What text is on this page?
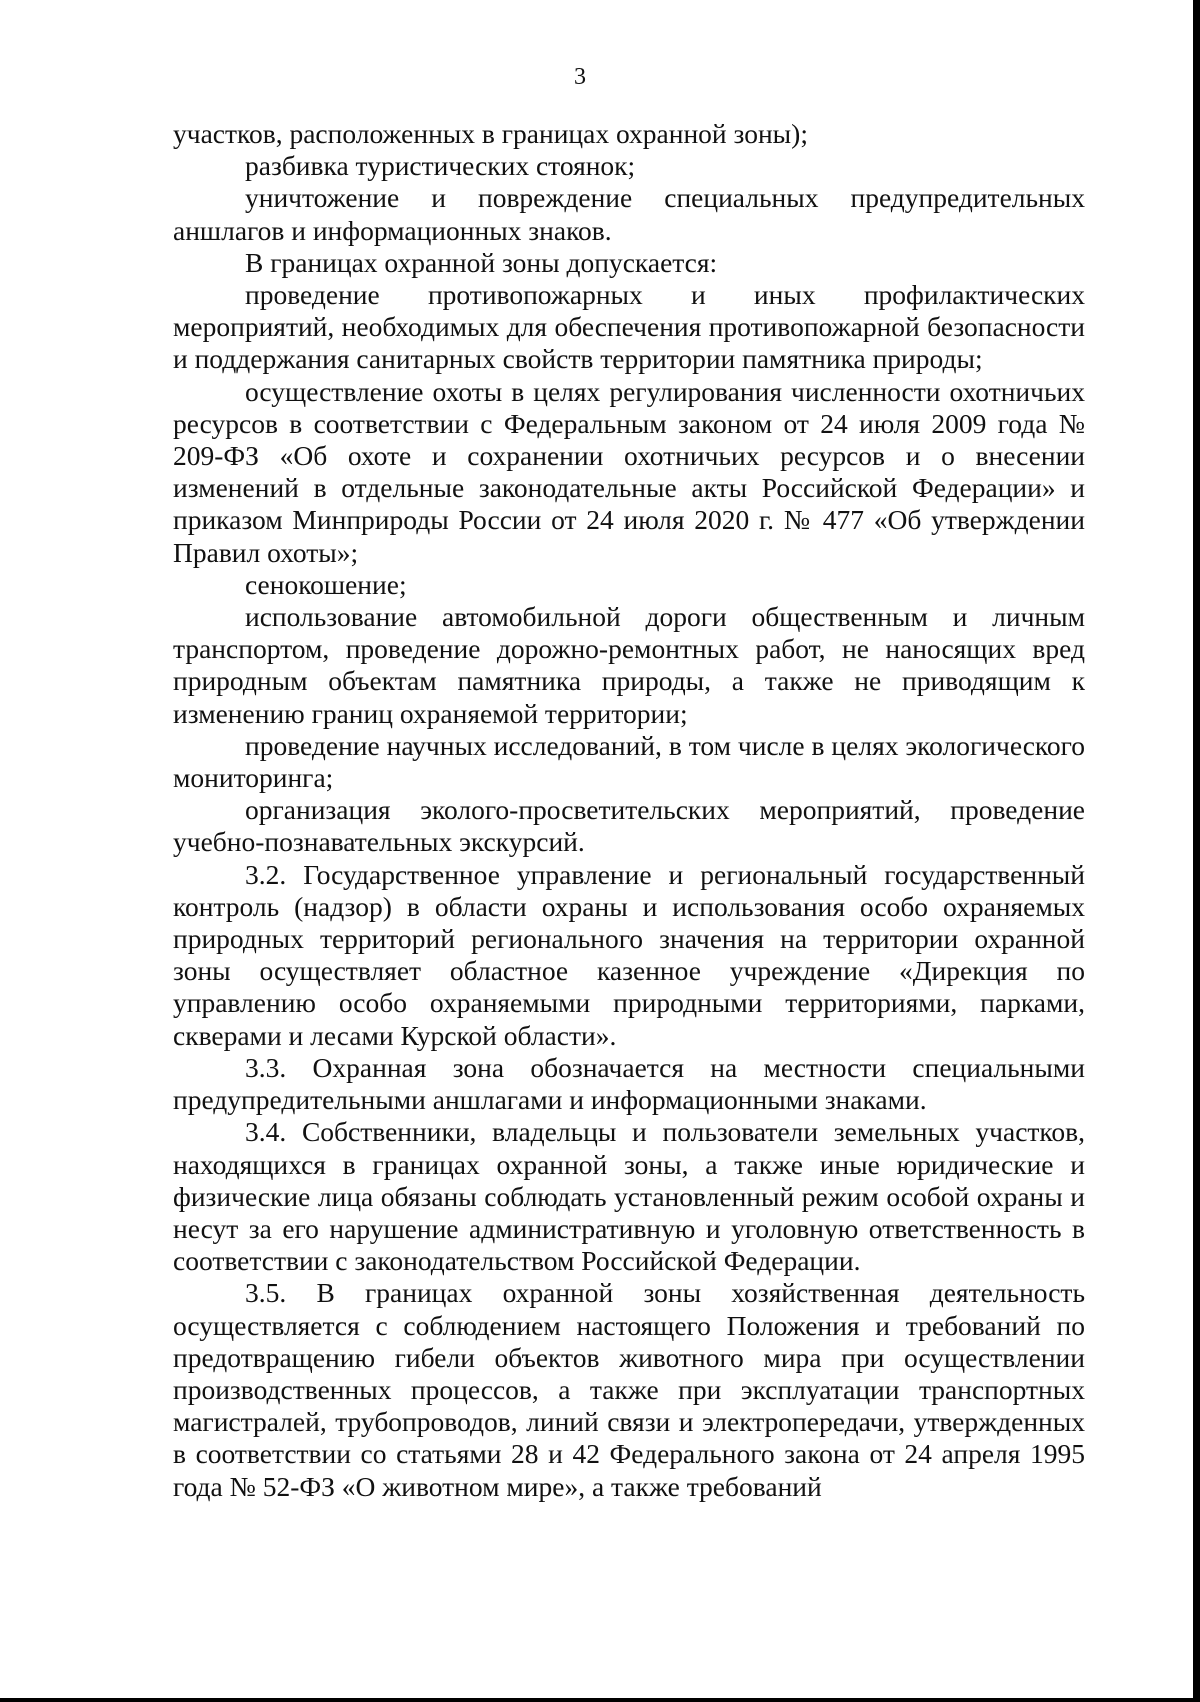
3

участков, расположенных в границах охранной зоны);

разбивка туристических стоянок;

уничтожение и повреждение специальных предупредительных аншлагов и информационных знаков.

В границах охранной зоны допускается:

проведение противопожарных и иных профилактических мероприятий, необходимых для обеспечения противопожарной безопасности и поддержания санитарных свойств территории памятника природы;

осуществление охоты в целях регулирования численности охотничьих ресурсов в соответствии с Федеральным законом от 24 июля 2009 года № 209-ФЗ «Об охоте и сохранении охотничьих ресурсов и о внесении изменений в отдельные законодательные акты Российской Федерации» и приказом Минприроды России от 24 июля 2020 г. № 477 «Об утверждении Правил охоты»;

сенокошение;

использование автомобильной дороги общественным и личным транспортом, проведение дорожно-ремонтных работ, не наносящих вред природным объектам памятника природы, а также не приводящим к изменению границ охраняемой территории;

проведение научных исследований, в том числе в целях экологического мониторинга;

организация эколого-просветительских мероприятий, проведение учебно-познавательных экскурсий.

3.2. Государственное управление и региональный государственный контроль (надзор) в области охраны и использования особо охраняемых природных территорий регионального значения на территории охранной зоны осуществляет областное казенное учреждение «Дирекция по управлению особо охраняемыми природными территориями, парками, скверами и лесами Курской области».

3.3. Охранная зона обозначается на местности специальными предупредительными аншлагами и информационными знаками.

3.4. Собственники, владельцы и пользователи земельных участков, находящихся в границах охранной зоны, а также иные юридические и физические лица обязаны соблюдать установленный режим особой охраны и несут за его нарушение административную и уголовную ответственность в соответствии с законодательством Российской Федерации.

3.5. В границах охранной зоны хозяйственная деятельность осуществляется с соблюдением настоящего Положения и требований по предотвращению гибели объектов животного мира при осуществлении производственных процессов, а также при эксплуатации транспортных магистралей, трубопроводов, линий связи и электропередачи, утвержденных в соответствии со статьями 28 и 42 Федерального закона от 24 апреля 1995 года № 52-ФЗ «О животном мире», а также требований
